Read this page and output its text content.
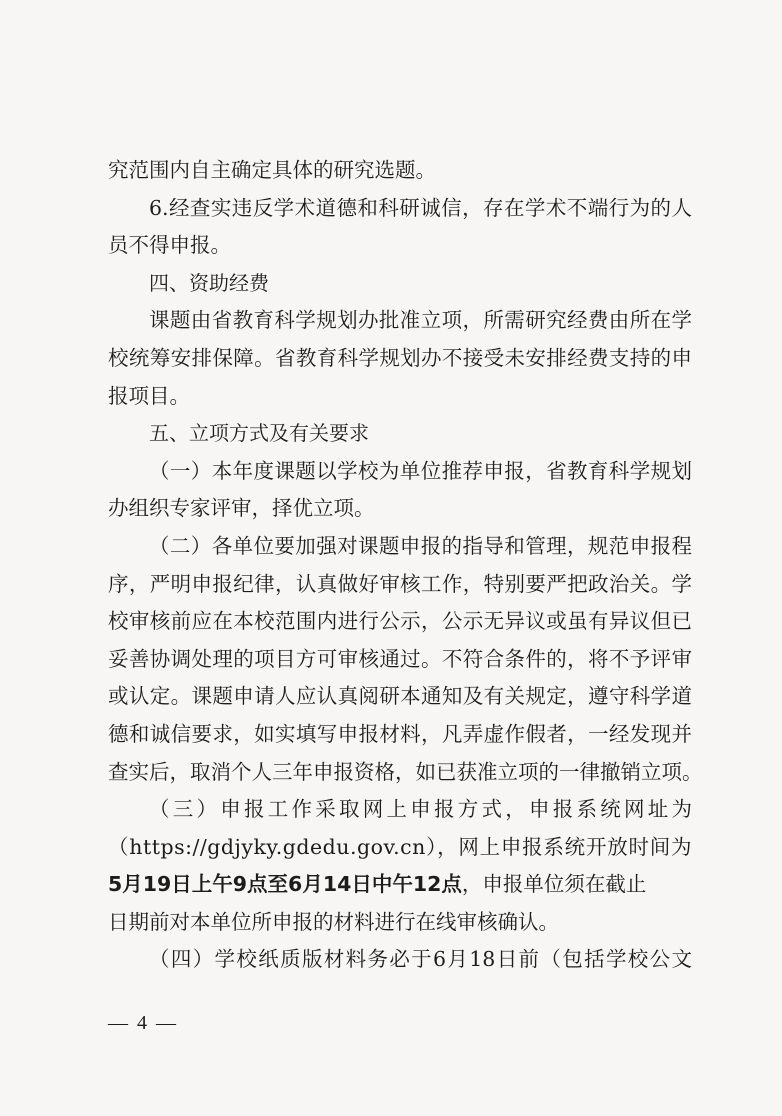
究范围内自主确定具体的研究选题。
6.经查实违反学术道德和科研诚信，存在学术不端行为的人
员不得申报。
四、资助经费
课题由省教育科学规划办批准立项，所需研究经费由所在学
校统筹安排保障。省教育科学规划办不接受未安排经费支持的申
报项目。
五、立项方式及有关要求
（一）本年度课题以学校为单位推荐申报，省教育科学规划
办组织专家评审，择优立项。
（二）各单位要加强对课题申报的指导和管理，规范申报程
序，严明申报纪律，认真做好审核工作，特别要严把政治关。学
校审核前应在本校范围内进行公示，公示无异议或虽有异议但已
妥善协调处理的项目方可审核通过。不符合条件的，将不予评审
或认定。课题申请人应认真阅研本通知及有关规定，遵守科学道
德和诚信要求，如实填写申报材料，凡弄虚作假者，一经发现并
查实后，取消个人三年申报资格，如已获准立项的一律撤销立项。
（三）申报工作采取网上申报方式，申报系统网址为
（https://gdjyky.gdedu.gov.cn），网上申报系统开放时间为
5月19日上午9点至6月14日中午12点，申报单位须在截止
日期前对本单位所申报的材料进行在线审核确认。
（四）学校纸质版材料务必于6月18日前（包括学校公文
— 4 —
